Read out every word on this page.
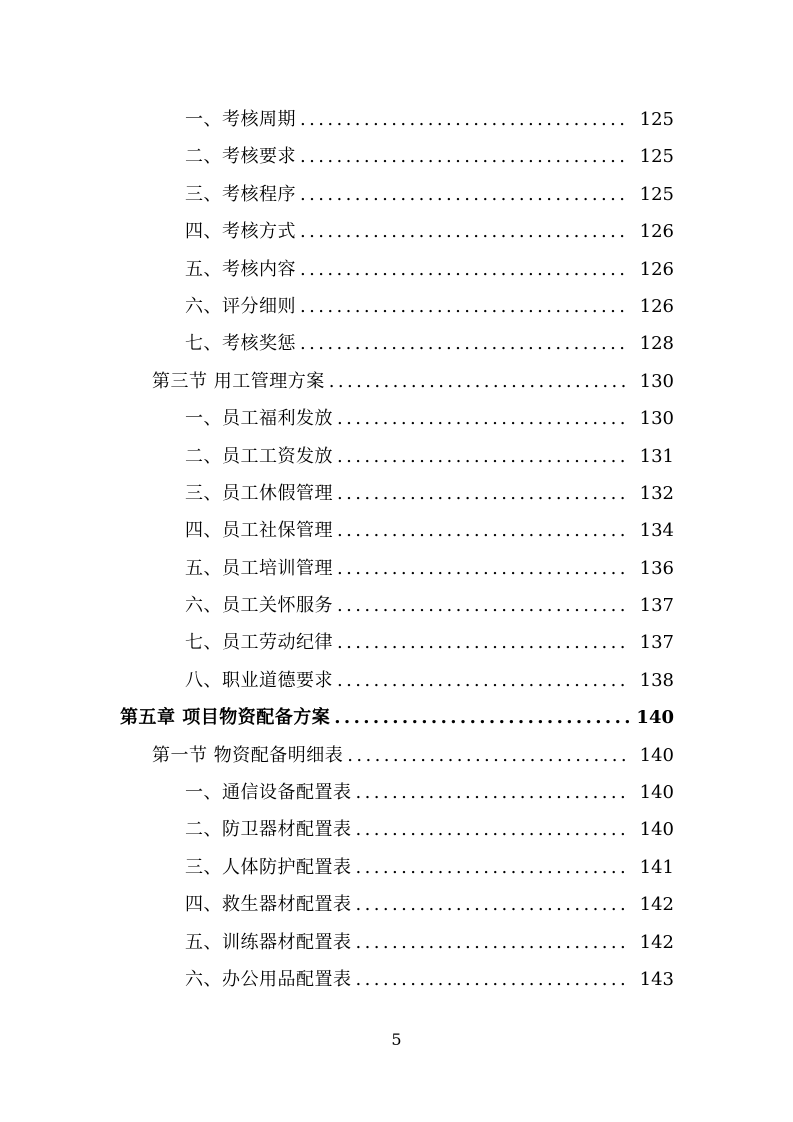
一、考核周期 .....	125
二、考核要求 .....	125
三、考核程序 .....	125
四、考核方式 .....	126
五、考核内容 .....	126
六、评分细则 .....	126
七、考核奖惩 .....	128
第三节 用工管理方案 .....	130
一、员工福利发放 .....	130
二、员工工资发放 .....	131
三、员工休假管理 .....	132
四、员工社保管理 .....	134
五、员工培训管理 .....	136
六、员工关怀服务 .....	137
七、员工劳动纪律 .....	137
八、职业道德要求 .....	138
第五章 项目物资配备方案 .....	140
第一节 物资配备明细表 .....	140
一、通信设备配置表 .....	140
二、防卫器材配置表 .....	140
三、人体防护配置表 .....	141
四、救生器材配置表 .....	142
五、训练器材配置表 .....	142
六、办公用品配置表 .....	143
5
